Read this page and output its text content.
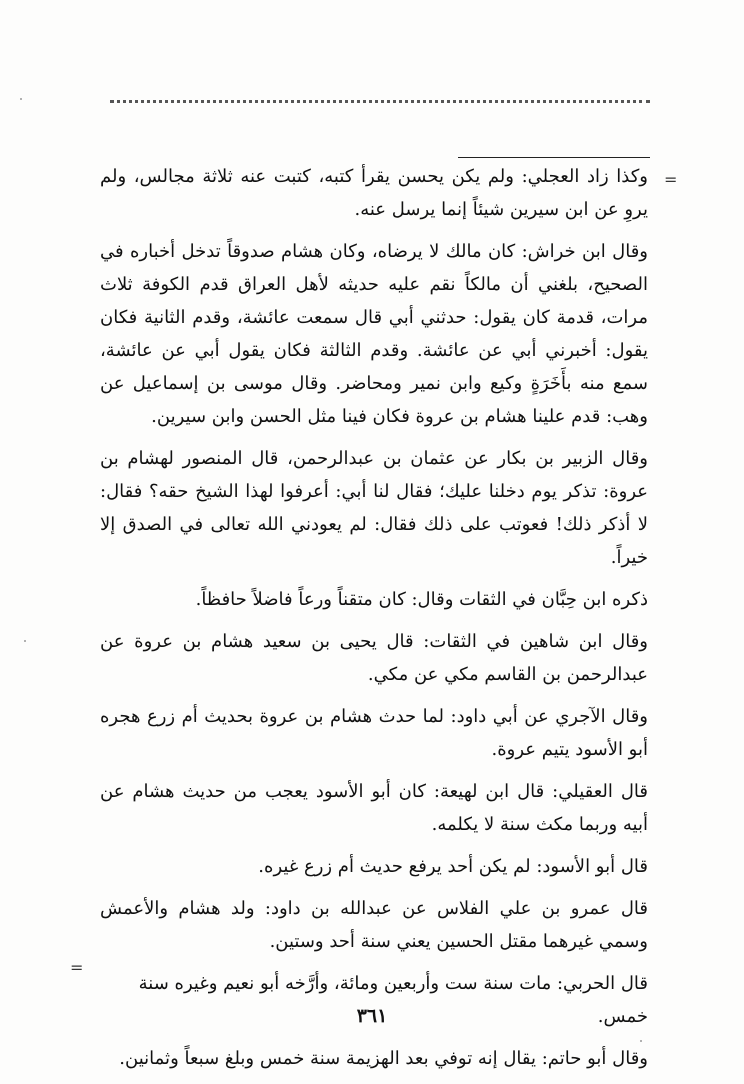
=
=

وكذا زاد العجلي: ولم يكن يحسن يقرأ كتبه، كتبت عنه ثلاثة مجالس، ولم يروِ عن ابن سيرين شيئاً إنما يرسل عنه.

وقال ابن خراش: كان مالك لا يرضاه، وكان هشام صدوقاً تدخل أخباره في الصحيح، بلغني أن مالكاً نقم عليه حديثه لأهل العراق قدم الكوفة ثلاث مرات، قدمة كان يقول: حدثني أبي قال سمعت عائشة، وقدم الثانية فكان يقول: أخبرني أبي عن عائشة. وقدم الثالثة فكان يقول أبي عن عائشة، سمع منه بأَخَرَةٍ وكيع وابن نمير ومحاضر. وقال موسى بن إسماعيل عن وهب: قدم علينا هشام بن عروة فكان فينا مثل الحسن وابن سيرين.

وقال الزبير بن بكار عن عثمان بن عبدالرحمن، قال المنصور لهشام بن عروة: تذكر يوم دخلنا عليك؛ فقال لنا أبي: أعرفوا لهذا الشيخ حقه؟ فقال: لا أذكر ذلك! فعوتب على ذلك فقال: لم يعودني الله تعالى في الصدق إلا خيراً.

ذكره ابن حِبَّان في الثقات وقال: كان متقناً ورعاً فاضلاً حافظاً.

وقال ابن شاهين في الثقات: قال يحيى بن سعيد هشام بن عروة عن عبدالرحمن بن القاسم مكي عن مكي.

وقال الآجري عن أبي داود: لما حدث هشام بن عروة بحديث أم زرع هجره أبو الأسود يتيم عروة.

قال العقيلي: قال ابن لهيعة: كان أبو الأسود يعجب من حديث هشام عن أبيه وربما مكث سنة لا يكلمه.

قال أبو الأسود: لم يكن أحد يرفع حديث أم زرع غيره.

قال عمرو بن علي الفلاس عن عبدالله بن داود: ولد هشام والأعمش وسمي غيرهما مقتل الحسين يعني سنة أحد وستين.

قال الحربي: مات سنة ست وأربعين ومائة، وأرَّخه أبو نعيم وغيره سنة خمس.

وقال أبو حاتم: يقال إنه توفي بعد الهزيمة سنة خمس وبلغ سبعاً وثمانين.

٣٦١
